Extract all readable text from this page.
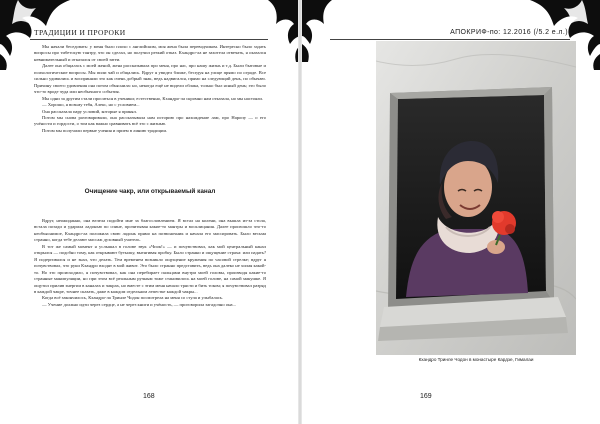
ТРАДИЦИИ И ПРОРОКИ

Мы начали беседовать: у меня было плохо с английским, моя жена была переводчиком. Интересно было задать вопросы про тибетскую тантру, что он сделал, но получил резкий отказ. Кхандро-ла не захотела отвечать, я оказался невнимательный и отказался от своей затеи.

Далее она общалась с моей женой, жена рассказывала про меня, про нас, про нашу жизнь и т.д. Были бытовые и психологические вопросы. Мы пили чай и общались. Вдруг я увидел ближе, беседуя на улице прямо по ограде. Все сильно удивились и восприняли это как очень добрый знак, ведь надвигался, прямо на следующий день, по обычаю. Причину своего удивления она потом объяснила: но, некогда ещё не видели облака, только был ясный день; это было что-то вроде чуда или необычного события.

Мы одни за другим стали проситься в ученики; естественно, Кхандро-ла скромно нам отказала, но мы настояли.

— Хорошо, я возьму тебя, Алекс, но с условием...

Она рассказала пару условий, которые я принял.

Потом мы снова разговаривали, она рассказывала нам историю про нахождение лам, про Наропу — о его учёности и гордости, о том как важно сравнивать всё это с жизнью.

Потом мы получили первые учения и прием в линию традиции.

Очищение чакр, или открываемый канал

Вдруг, неожиданно, она велела подойти мне за благословлением. Я встал на колени, она вышла из-за стола, встала позади и ударила ладонью по спине, прочитывая какие-то мантры и восклицания. Далее произошло что-то необъяснимое, Кхандро-ла положила свою ладонь прямо на позвоночник и начала его массировать. Было весьма странно, когда тебе делают массаж духовный учитель.

В тот же самый момент я услышал в голове звук «Чпок!» — и почувствовал, как мой центральный канал открылся — подобно тому, как открывают бутылку, вытягивая пробку. Было странно и ощущение страха: или падать? Я подергивался и не знал, что делать. Тем временем возникло ощущение кружения по часовой стрелке; вдруг я почувствовал, что руки Кхандро входят в мой живот. Это было странно представить, ведь она далеко не хилая какой-то. Но это происходило, я почувствовал, как она перебирает пальцами внутри моей головы, производя какие-то странные манипуляции, но при этом всё реальным ручным тоже становилось на моей голове, на самой макушке. Я ощутил прилив энергии в каналах и чакрах, но вместе с этим меня начало трясти и бить током; я почувствовал разряд в каждой чакре, точнее сказать, даже в каждом отдельном лепестке каждой чакры...

Когда всё закончилось, Кхандро-ла Тринле Чодон посмотрела на меня со стула и улыбалась.

— Учение должно идти через сердце, а не через книги и учёность, — проговорила загадочно она...

168
АПОКРИФ-по: 12.2016 (/5.2 е.л.)
Кхандро Тринле Чодон в монастыре Кардзе, Гималаи
169
